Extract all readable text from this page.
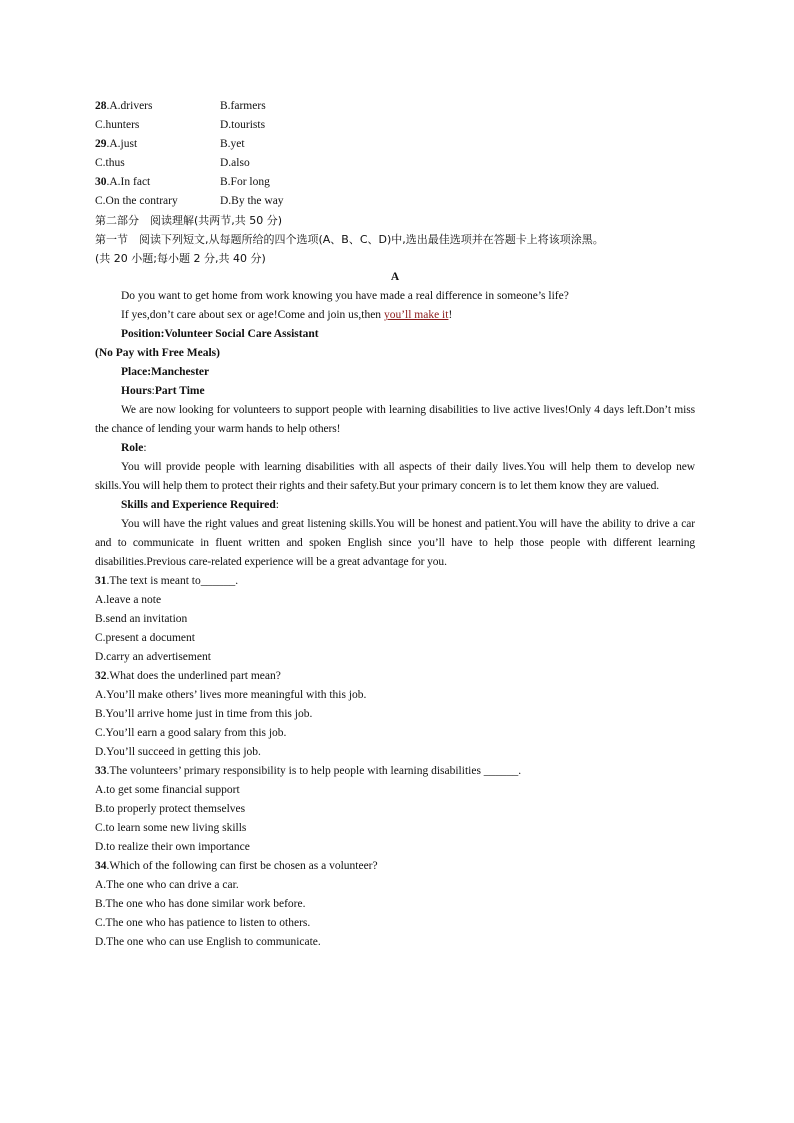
28.A.drivers	B.farmers
C.hunters	D.tourists
29.A.just	B.yet
C.thus	D.also
30.A.In fact	B.For long
C.On the contrary	D.By the way
第二部分　阅读理解(共两节,共 50 分)
第一节　阅读下列短文,从每题所给的四个选项(A、B、C、D)中,选出最佳选项并在答题卡上将该项涂黑。
(共 20 小题;每小题 2 分,共 40 分)
A
Do you want to get home from work knowing you have made a real difference in someone’s life?
If yes,don’t care about sex or age!Come and join us,then you’ll make it!
Position:Volunteer Social Care Assistant
(No Pay with Free Meals)
Place:Manchester
Hours:Part Time
We are now looking for volunteers to support people with learning disabilities to live active lives!Only 4 days left.Don’t miss the chance of lending your warm hands to help others!
Role:
You will provide people with learning disabilities with all aspects of their daily lives.You will help them to develop new skills.You will help them to protect their rights and their safety.But your primary concern is to let them know they are valued.
Skills and Experience Required:
You will have the right values and great listening skills.You will be honest and patient.You will have the ability to drive a car and to communicate in fluent written and spoken English since you’ll have to help those people with different learning disabilities.Previous care-related experience will be a great advantage for you.
31.The text is meant to______.
A.leave a note
B.send an invitation
C.present a document
D.carry an advertisement
32.What does the underlined part mean?
A.You’ll make others’ lives more meaningful with this job.
B.You’ll arrive home just in time from this job.
C.You’ll earn a good salary from this job.
D.You’ll succeed in getting this job.
33.The volunteers’ primary responsibility is to help people with learning disabilities ______.
A.to get some financial support
B.to properly protect themselves
C.to learn some new living skills
D.to realize their own importance
34.Which of the following can first be chosen as a volunteer?
A.The one who can drive a car.
B.The one who has done similar work before.
C.The one who has patience to listen to others.
D.The one who can use English to communicate.
